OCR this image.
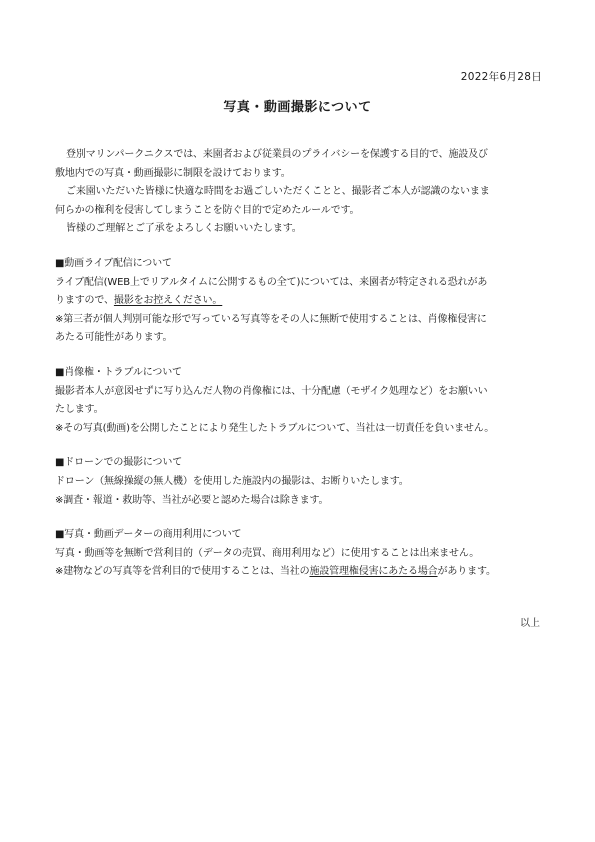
2022年6月28日
写真・動画撮影について
登別マリンパークニクスでは、来園者および従業員のプライバシーを保護する目的で、施設及び
敷地内での写真・動画撮影に制限を設けております。
ご来園いただいた皆様に快適な時間をお過ごしいただくことと、撮影者ご本人が認識のないまま
何らかの権利を侵害してしまうことを防ぐ目的で定めたルールです。
皆様のご理解とご了承をよろしくお願いいたします。
■動画ライブ配信について
ライブ配信(WEB上でリアルタイムに公開するもの全て)については、来園者が特定される恐れがあ
りますので、撮影をお控えください。
※第三者が個人判別可能な形で写っている写真等をその人に無断で使用することは、肖像権侵害に
あたる可能性があります。
■肖像権・トラブルについて
撮影者本人が意図せずに写り込んだ人物の肖像権には、十分配慮（モザイク処理など）をお願いい
たします。
※その写真(動画)を公開したことにより発生したトラブルについて、当社は一切責任を負いません。
■ドローンでの撮影について
ドローン（無線操縦の無人機）を使用した施設内の撮影は、お断りいたします。
※調査・報道・救助等、当社が必要と認めた場合は除きます。
■写真・動画データーの商用利用について
写真・動画等を無断で営利目的（データの売買、商用利用など）に使用することは出来ません。
※建物などの写真等を営利目的で使用することは、当社の施設管理権侵害にあたる場合があります。
以上
